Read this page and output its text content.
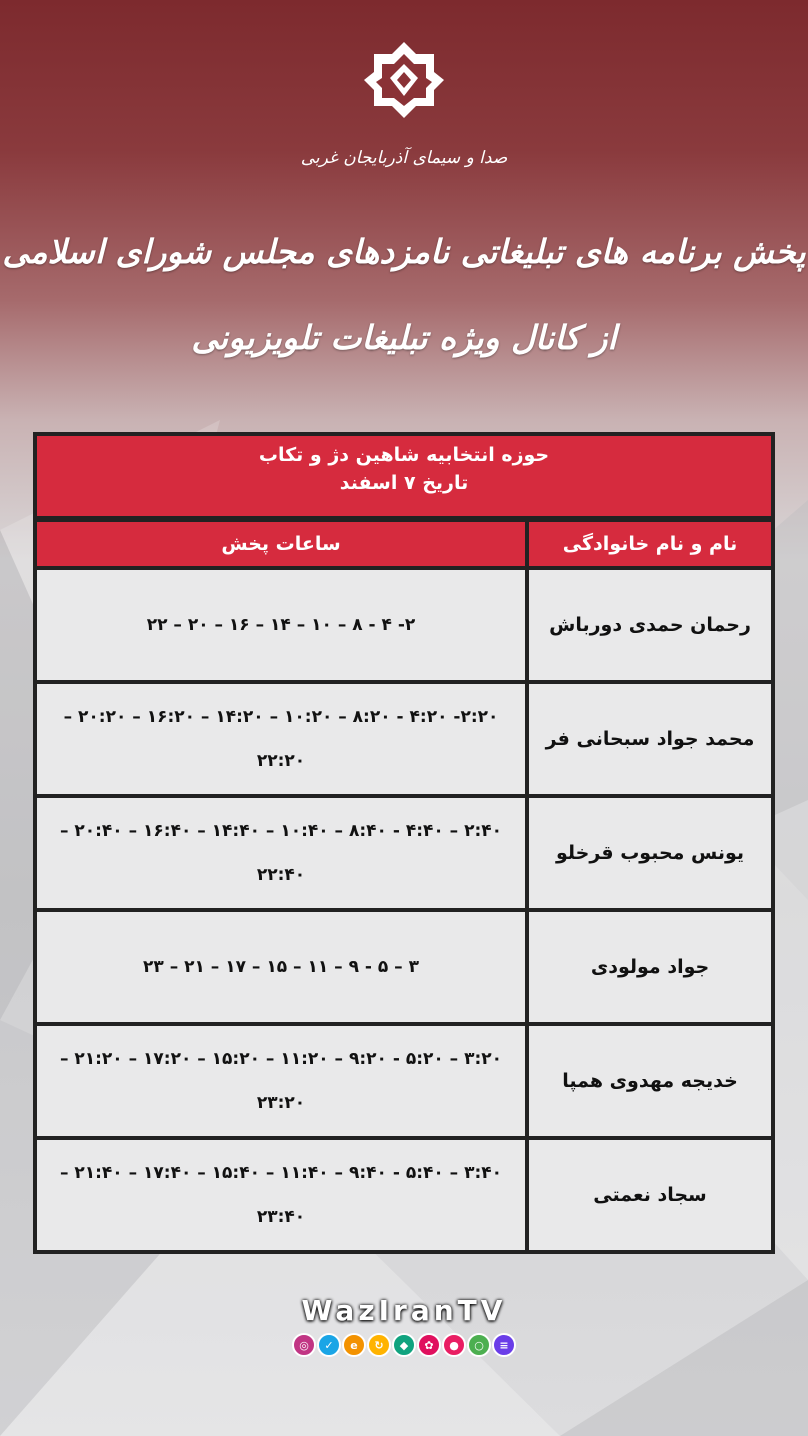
صدا و سیمای آذربایجان غربی
پخش برنامه های تبلیغاتی نامزدهای مجلس شورای اسلامی
از کانال ویژه تبلیغات تلویزیونی
حوزه انتخابیه شاهین دژ و تکاب
تاریخ ۷ اسفند
نام و نام خانوادگی
ساعات پخش
رحمان حمدی دورباش
۲- ۴ - ۸ – ۱۰ – ۱۴ – ۱۶ – ۲۰ – ۲۲
محمد جواد سبحانی فر
۲:۲۰- ۴:۲۰ - ۸:۲۰ – ۱۰:۲۰ – ۱۴:۲۰ – ۱۶:۲۰ – ۲۰:۲۰ – ۲۲:۲۰
یونس محبوب قرخلو
۲:۴۰ – ۴:۴۰ - ۸:۴۰ – ۱۰:۴۰ – ۱۴:۴۰ – ۱۶:۴۰ – ۲۰:۴۰ – ۲۲:۴۰
جواد مولودی
۳ – ۵ - ۹ – ۱۱ – ۱۵ – ۱۷ – ۲۱ – ۲۳
خدیجه مهدوی همپا
۳:۲۰ – ۵:۲۰ - ۹:۲۰ – ۱۱:۲۰ – ۱۵:۲۰ – ۱۷:۲۰ – ۲۱:۲۰ – ۲۳:۲۰
سجاد نعمتی
۳:۴۰ – ۵:۴۰ - ۹:۴۰ – ۱۱:۴۰ – ۱۵:۴۰ – ۱۷:۴۰ – ۲۱:۴۰ – ۲۳:۴۰
WazIranTV
◎	✓	e	↻	◆	✿	●	○	≡
